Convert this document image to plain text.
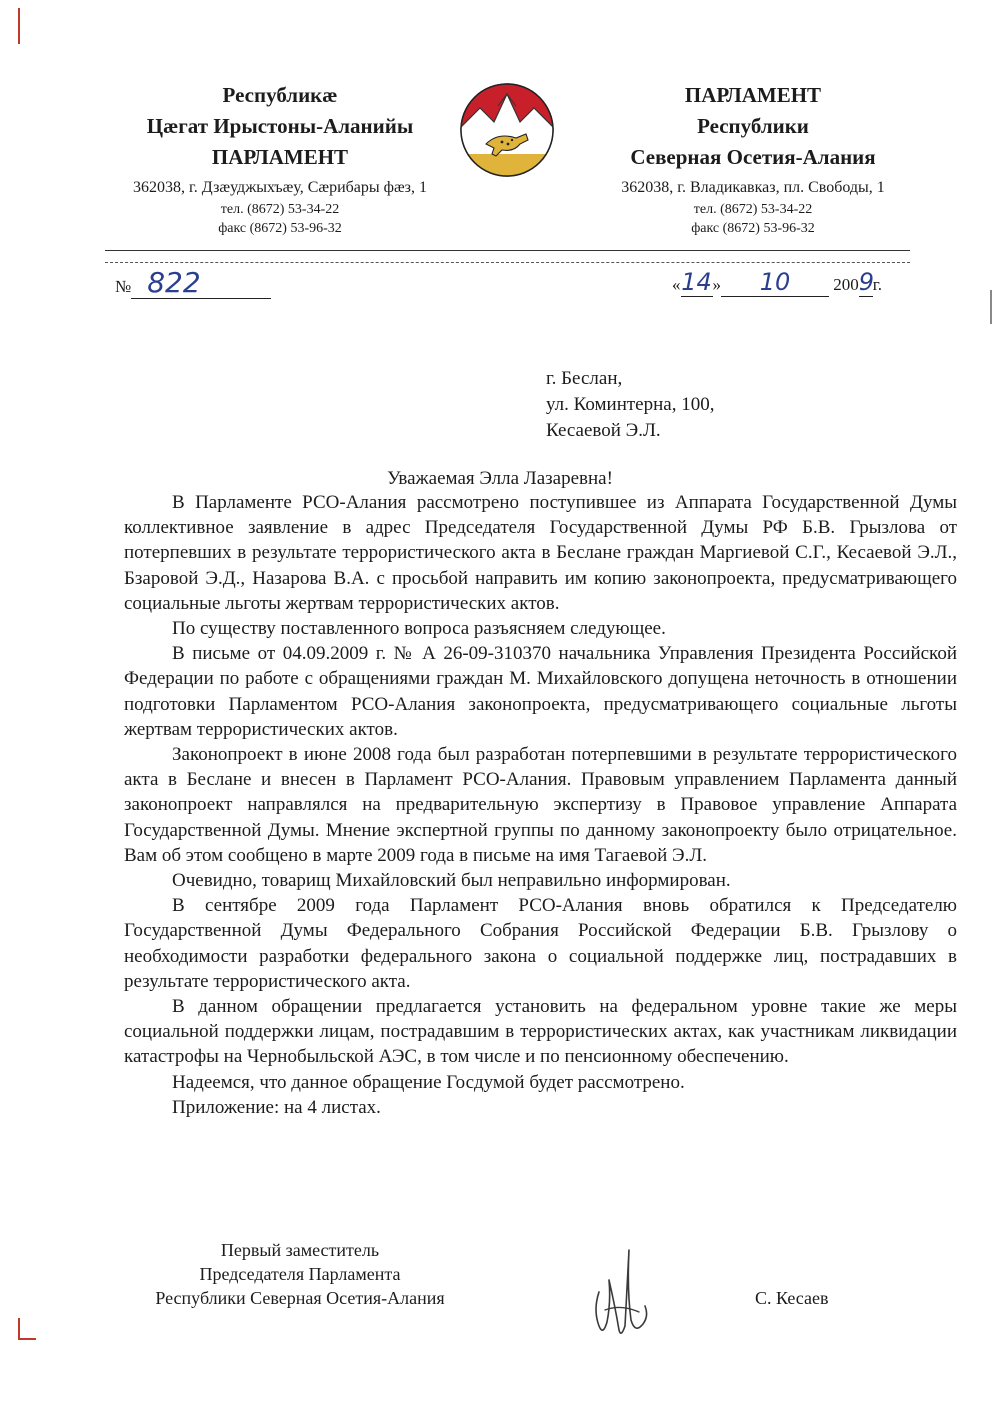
Республикæ
Цæгат Ирыстоны-Аланийы
ПАРЛАМЕНТ
362038, г. Дзæуджыхъæу, Сæрибары фæз, 1
тел. (8672) 53-34-22
факс (8672) 53-96-32
ПАРЛАМЕНТ
Республики
Северная Осетия-Алания
362038, г. Владикавказ, пл. Свободы, 1
тел. (8672) 53-34-22
факс (8672) 53-96-32
№ 822	«14» 10	2009г.
г. Беслан,
ул. Коминтерна, 100,
Кесаевой Э.Л.
Уважаемая Элла Лазаревна!

В Парламенте РСО-Алания рассмотрено поступившее из Аппарата Государственной Думы коллективное заявление в адрес Председателя Государственной Думы РФ Б.В. Грызлова от потерпевших в результате террористического акта в Беслане граждан Маргиевой С.Г., Кесаевой Э.Л., Бзаровой Э.Д., Назарова В.А. с просьбой направить им копию законопроекта, предусматривающего социальные льготы жертвам террористических актов.

По существу поставленного вопроса разъясняем следующее.

В письме от 04.09.2009 г. № А 26-09-310370 начальника Управления Президента Российской Федерации по работе с обращениями граждан М. Михайловского допущена неточность в отношении подготовки Парламентом РСО-Алания законопроекта, предусматривающего социальные льготы жертвам террористических актов.

Законопроект в июне 2008 года был разработан потерпевшими в результате террористического акта в Беслане и внесен в Парламент РСО-Алания. Правовым управлением Парламента данный законопроект направлялся на предварительную экспертизу в Правовое управление Аппарата Государственной Думы. Мнение экспертной группы по данному законопроекту было отрицательное. Вам об этом сообщено в марте 2009 года в письме на имя Тагаевой Э.Л.

Очевидно, товарищ Михайловский был неправильно информирован.

В сентябре 2009 года Парламент РСО-Алания вновь обратился к Председателю Государственной Думы Федерального Собрания Российской Федерации Б.В. Грызлову о необходимости разработки федерального закона о социальной поддержке лиц, пострадавших в результате террористического акта.

В данном обращении предлагается установить на федеральном уровне такие же меры социальной поддержки лицам, пострадавшим в террористических актах, как участникам ликвидации катастрофы на Чернобыльской АЭС, в том числе и по пенсионному обеспечению.

Надеемся, что данное обращение Госдумой будет рассмотрено.

Приложение: на 4 листах.

Первый заместитель
Председателя Парламента
Республики Северная Осетия-Алания	С. Кесаев
